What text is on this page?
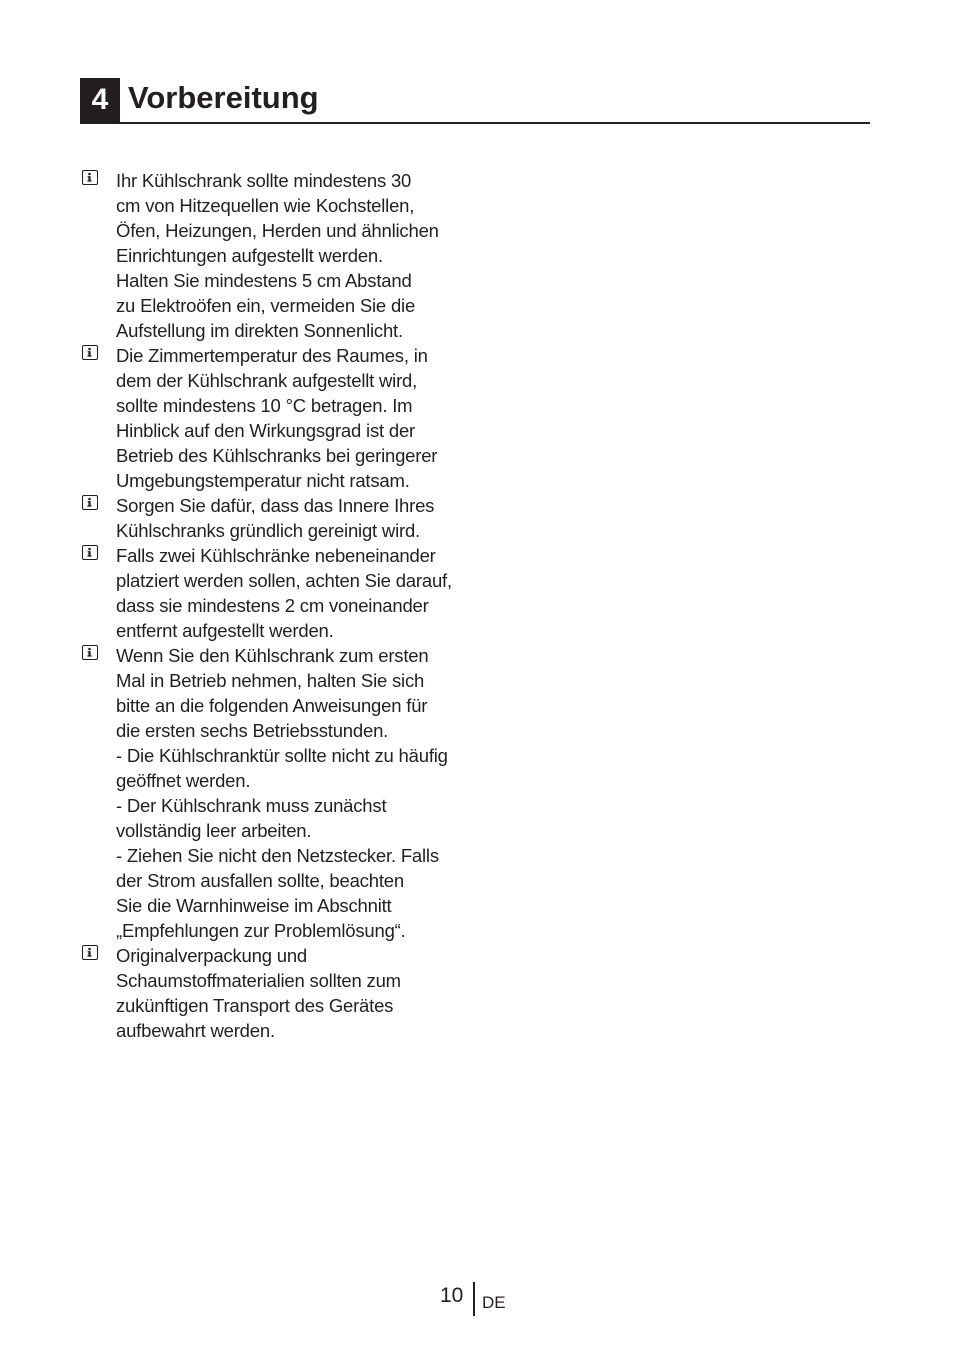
4 Vorbereitung
Ihr Kühlschrank sollte mindestens 30
cm von Hitzequellen wie Kochstellen,
Öfen, Heizungen, Herden und ähnlichen
Einrichtungen aufgestellt werden.
Halten Sie mindestens 5 cm Abstand
zu Elektroöfen ein, vermeiden Sie die
Aufstellung im direkten Sonnenlicht.
Die Zimmertemperatur des Raumes, in
dem der Kühlschrank aufgestellt wird,
sollte mindestens 10 °C betragen. Im
Hinblick auf den Wirkungsgrad ist der
Betrieb des Kühlschranks bei geringerer
Umgebungstemperatur nicht ratsam.
Sorgen Sie dafür, dass das Innere Ihres
Kühlschranks gründlich gereinigt wird.
Falls zwei Kühlschränke nebeneinander
platziert werden sollen, achten Sie darauf,
dass sie mindestens 2 cm voneinander
entfernt aufgestellt werden.
Wenn Sie den Kühlschrank zum ersten
Mal in Betrieb nehmen, halten Sie sich
bitte an die folgenden Anweisungen für
die ersten sechs Betriebsstunden.
- Die Kühlschranktür sollte nicht zu häufig
geöffnet werden.
- Der Kühlschrank muss zunächst
vollständig leer arbeiten.
- Ziehen Sie nicht den Netzstecker. Falls
der Strom ausfallen sollte, beachten
Sie die Warnhinweise im Abschnitt
„Empfehlungen zur Problemlösung“.
Originalverpackung und
Schaumstoffmaterialien sollten zum
zukünftigen Transport des Gerätes
aufbewahrt werden.
10 DE
